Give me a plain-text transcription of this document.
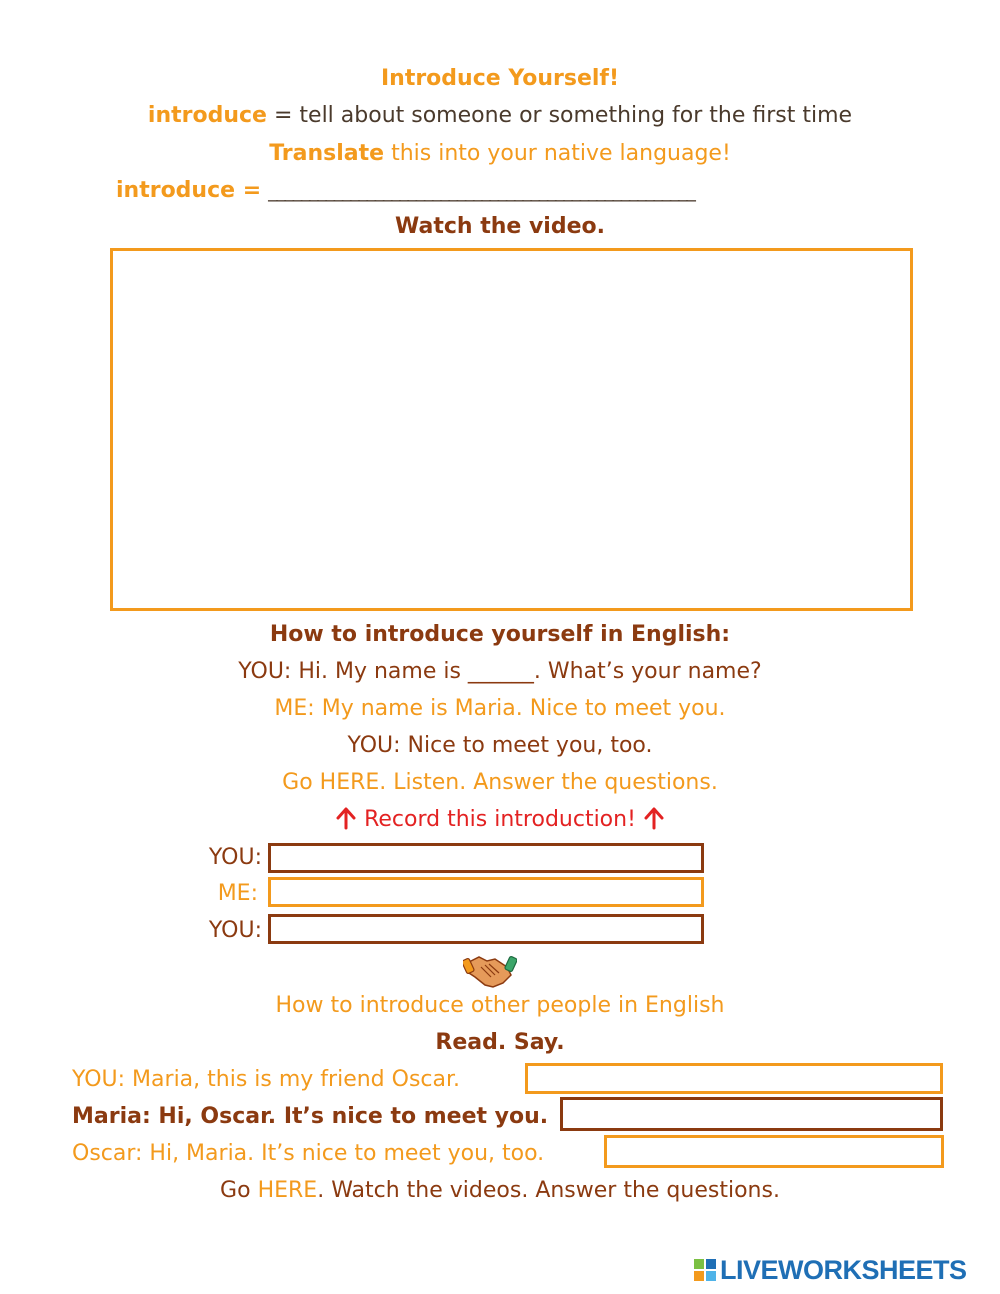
Introduce Yourself!
introduce = tell about someone or something for the first time
Translate this into your native language!
introduce = ____________________________________________________
Watch the video.
How to introduce yourself in English:
YOU: Hi. My name is ______. What’s your name?
ME: My name is Maria. Nice to meet you.
YOU: Nice to meet you, too.
Go HERE. Listen. Answer the questions.
Record this introduction!
YOU:
ME:
YOU:
How to introduce other people in English
Read. Say.
YOU: Maria, this is my friend Oscar.
Maria: Hi, Oscar. It’s nice to meet you.
Oscar: Hi, Maria. It’s nice to meet you, too.
Go HERE. Watch the videos. Answer the questions.
LIVEWORKSHEETS
